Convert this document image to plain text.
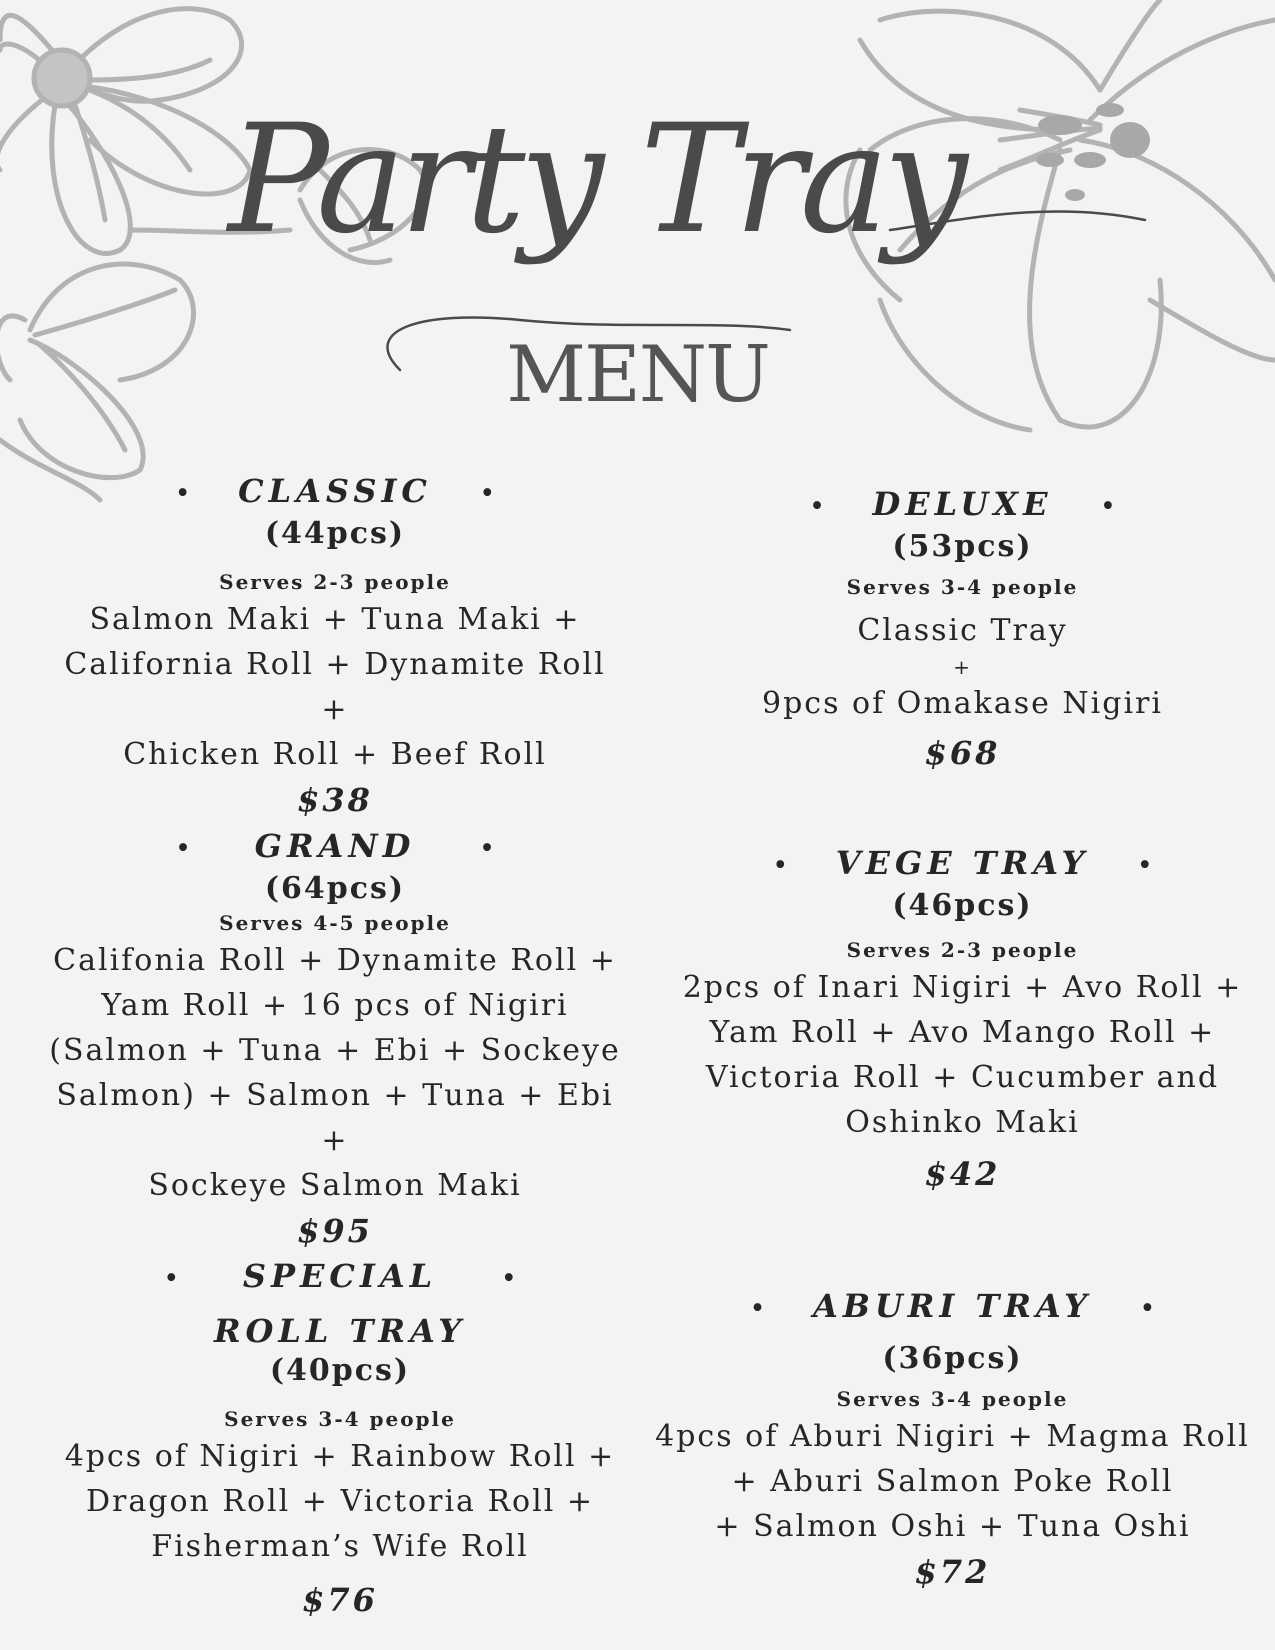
Party Tray
MENU
• CLASSIC •
(44pcs)
Serves 2-3 people
Salmon Maki + Tuna Maki +
California Roll + Dynamite Roll +
Chicken Roll + Beef Roll
$38
• DELUXE •
(53pcs)
Serves 3-4 people
Classic Tray
+
9pcs of Omakase Nigiri
$68
• GRAND	•
(64pcs)
Serves 4-5 people
Califonia Roll + Dynamite Roll +
Yam Roll + 16 pcs of Nigiri
(Salmon + Tuna + Ebi + Sockeye
Salmon) + Salmon + Tuna + Ebi +
Sockeye Salmon Maki
$95
• VEGE TRAY •
(46pcs)
Serves 2-3 people
2pcs of Inari Nigiri + Avo Roll +
Yam Roll + Avo Mango Roll +
Victoria Roll + Cucumber and
Oshinko Maki
$42
• SPECIAL	•
ROLL TRAY
(40pcs)
Serves 3-4 people
4pcs of Nigiri + Rainbow Roll +
Dragon Roll + Victoria Roll +
Fisherman’s Wife Roll
$76
• ABURI TRAY •
(36pcs)
Serves 3-4 people
4pcs of Aburi Nigiri + Magma Roll
+ Aburi Salmon Poke Roll
+ Salmon Oshi + Tuna Oshi
$72
